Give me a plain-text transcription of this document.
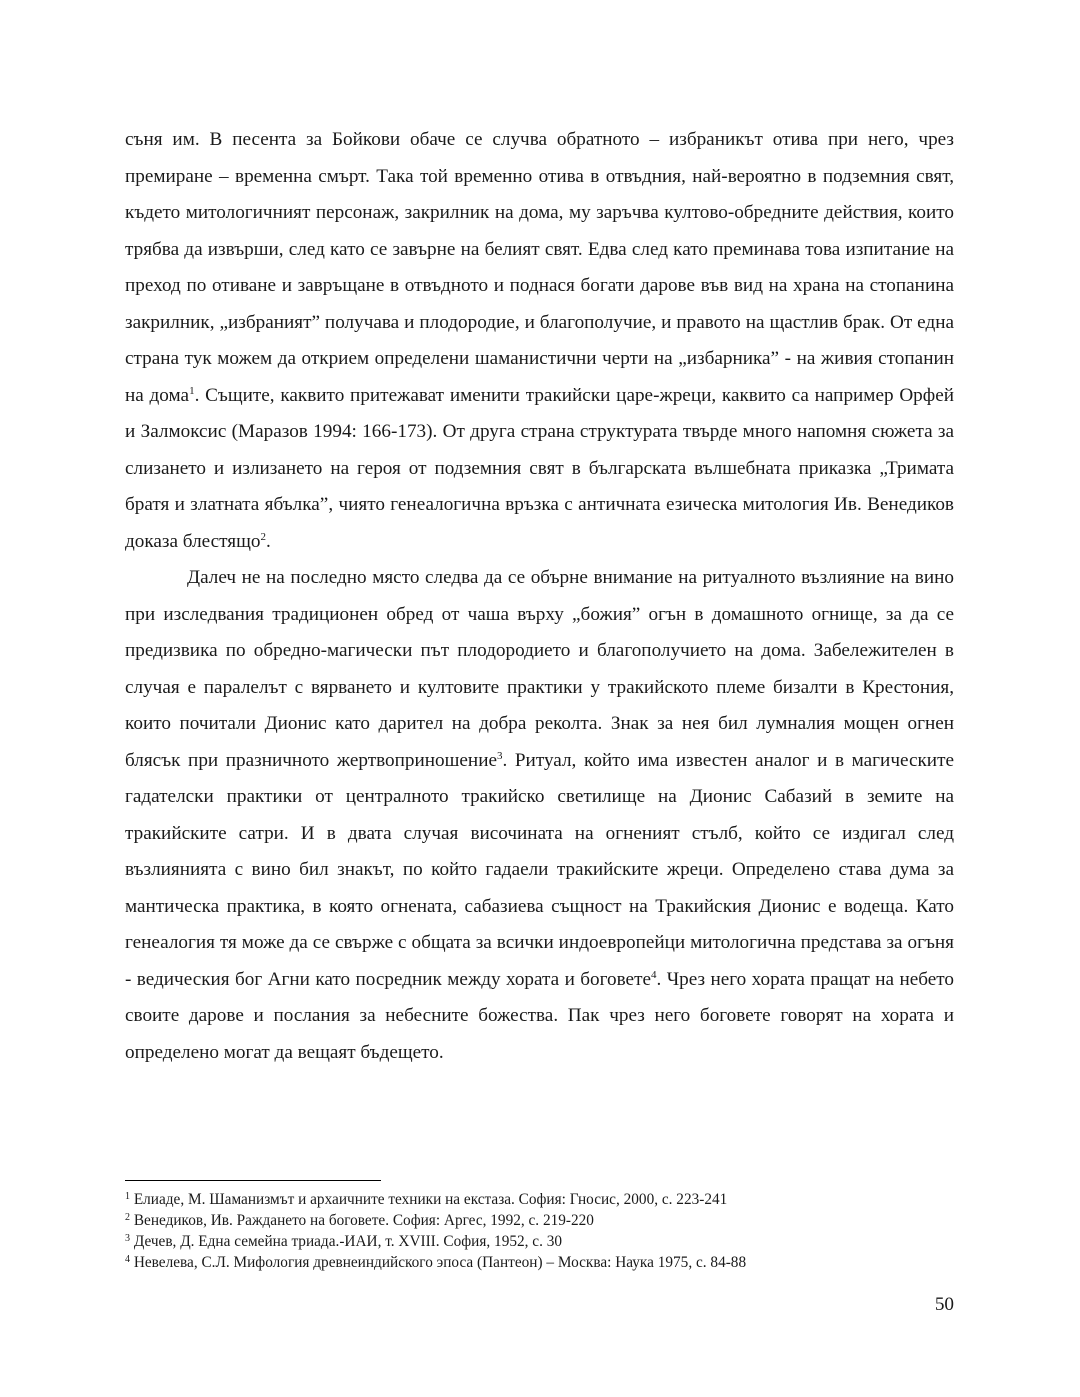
съня им. В песента за Бойкови обаче се случва обратното – избраникът отива при него, чрез премиране – временна смърт. Така той временно отива в отвъдния, най-вероятно в подземния свят, където митологичният персонаж, закрилник на дома, му заръчва култово-обредните действия, които трябва да извърши, след като се завърне на белият свят. Едва след като преминава това изпитание на преход по отиване и завръщане в отвъдното и поднася богати дарове във вид на храна на стопанина закрилник, „избраният” получава и плодородие, и благополучие, и правото на щастлив брак. От една страна тук можем да открием определени шаманистични черти на „избарника” - на живия стопанин на дома$^1$. Същите, каквито притежават именити тракийски царе-жреци, каквито са например Орфей и Залмоксис (Маразов 1994: 166-173). От друга страна структурата твърде много напомня сюжета за слизането и излизането на героя от подземния свят в българската вълшебната приказка „Тримата братя и златната ябълка”, чиято генеалогична връзка с античната езическа митология Ив. Венедиков доказа блестящо$^2$.

Далеч не на последно място следва да се обърне внимание на ритуалното възлияние на вино при изследвания традиционен обред от чаша върху „божия” огън в домашното огнище, за да се предизвика по обредно-магически път плодородието и благополучието на дома. Забележителен в случая е паралелът с вярването и култовите практики у тракийското племе бизалти в Крестония, които почитали Дионис като дарител на добра реколта. Знак за нея бил лумналия мощен огнен блясък при празничното жертвоприношение$^3$. Ритуал, който има известен аналог и в магическите гадателски практики от централното тракийско светилище на Дионис Сабазий в земите на тракийските сатри. И в двата случая височината на огненият стълб, който се издигал след възлиянията с вино бил знакът, по който гадаели тракийските жреци. Определено става дума за мантическа практика, в която огнената, сабазиева същност на Тракийския Дионис е водеща. Като генеалогия тя може да се свърже с общата за всички индоевропейци митологична представа за огъня - ведическия бог Агни като посредник между хората и боговете$^4$. Чрез него хората пращат на небето своите дарове и послания за небесните божества. Пак чрез него боговете говорят на хората и определено могат да вещаят бъдещето.

$^1$ Елиаде, М. Шаманизмът и архаичните техники на екстаза. София: Гносис, 2000, с. 223-241

$^2$ Венедиков, Ив. Раждането на боговете. София: Аргес, 1992, с. 219-220

$^3$ Дечев, Д. Една семейна триада.-ИАИ, т. XVIII. София, 1952, с. 30

$^4$ Невелева, С.Л. Мифология древнеиндийского эпоса (Пантеон) – Москва: Наука 1975, с. 84-88

50
